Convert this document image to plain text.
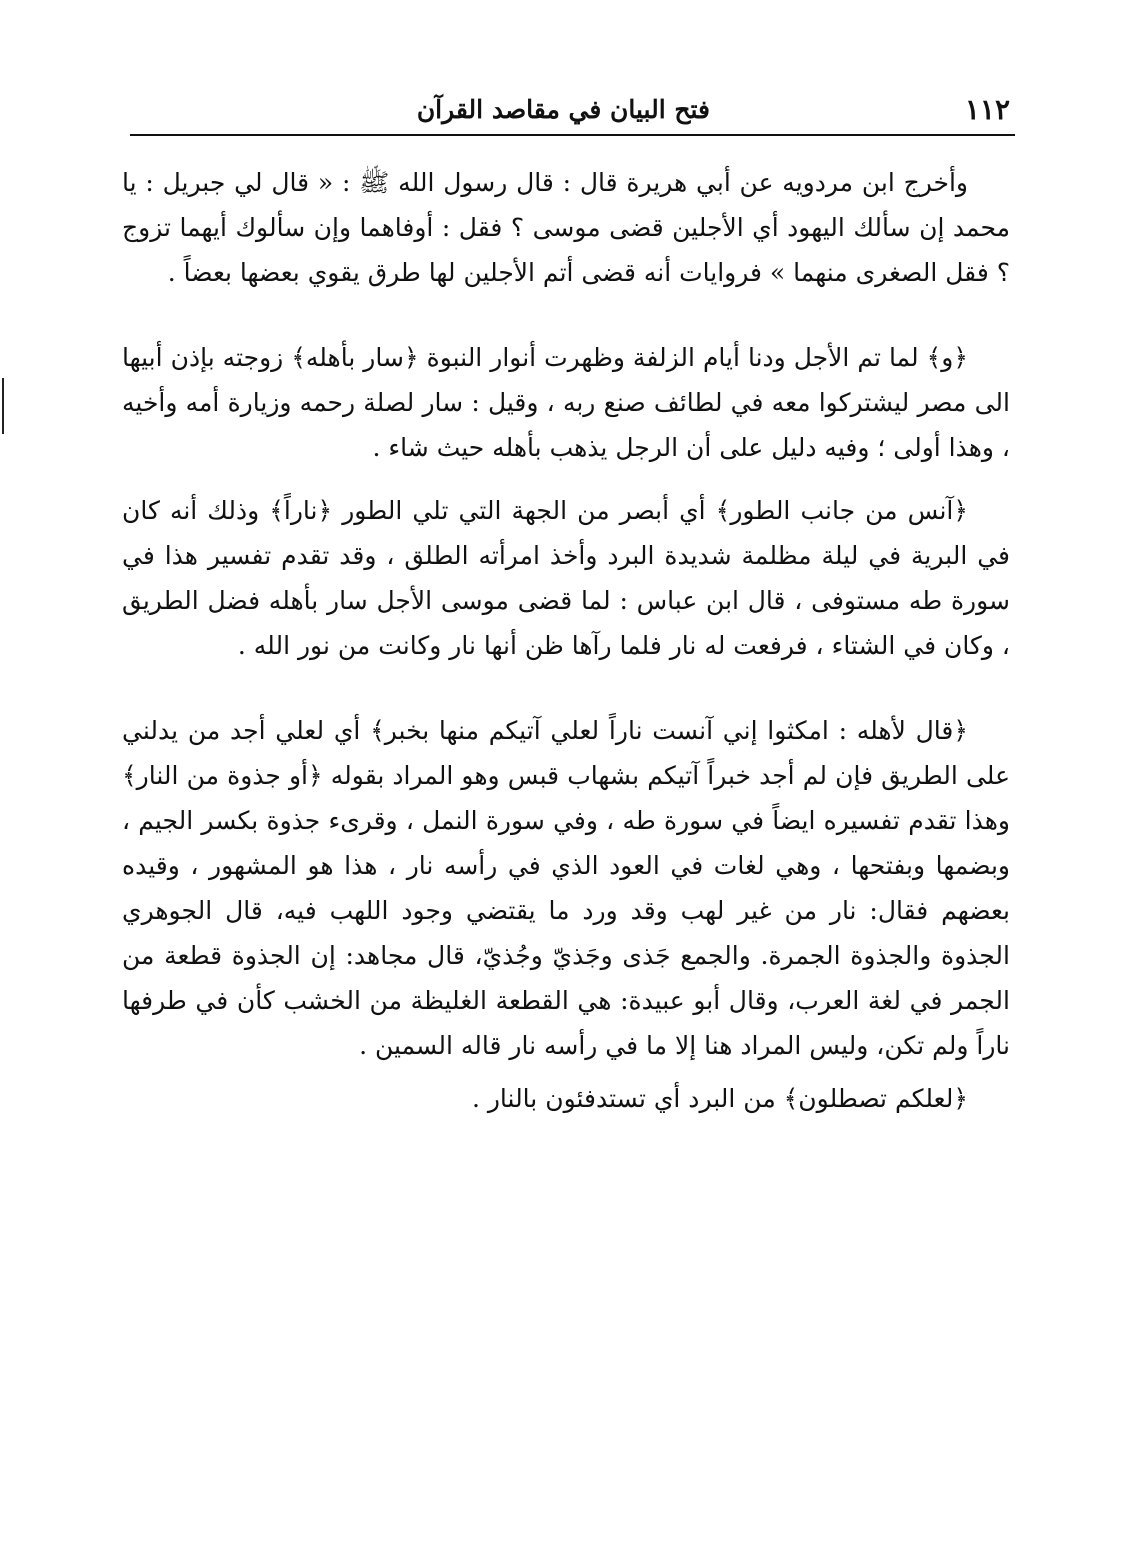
١١٢
فتح البيان في مقاصد القرآن

وأخرج ابن مردويه عن أبي هريرة قال : قال رسول الله ﷺ : « قال لي جبريل : يا محمد إن سألك اليهود أي الأجلين قضى موسى ؟ فقل : أوفاهما وإن سألوك أيهما تزوج ؟ فقل الصغرى منهما » فروايات أنه قضى أتم الأجلين لها طرق يقوي بعضها بعضاً .

﴿و﴾ لما تم الأجل ودنا أيام الزلفة وظهرت أنوار النبوة ﴿سار بأهله﴾ زوجته بإذن أبيها الى مصر ليشتركوا معه في لطائف صنع ربه ، وقيل : سار لصلة رحمه وزيارة أمه وأخيه ، وهذا أولى ؛ وفيه دليل على أن الرجل يذهب بأهله حيث شاء .

﴿آنس من جانب الطور﴾ أي أبصر من الجهة التي تلي الطور ﴿ناراً﴾ وذلك أنه كان في البرية في ليلة مظلمة شديدة البرد وأخذ امرأته الطلق ، وقد تقدم تفسير هذا في سورة طه مستوفى ، قال ابن عباس : لما قضى موسى الأجل سار بأهله فضل الطريق ، وكان في الشتاء ، فرفعت له نار فلما رآها ظن أنها نار وكانت من نور الله .

﴿قال لأهله : امكثوا إني آنست ناراً لعلي آتيكم منها بخبر﴾ أي لعلي أجد من يدلني على الطريق فإن لم أجد خبراً آتيكم بشهاب قبس وهو المراد بقوله ﴿أو جذوة من النار﴾ وهذا تقدم تفسيره ايضاً في سورة طه ، وفي سورة النمل ، وقرىء جذوة بكسر الجيم ، وبضمها وبفتحها ، وهي لغات في العود الذي في رأسه نار ، هذا هو المشهور ، وقيده بعضهم فقال: نار من غير لهب وقد ورد ما يقتضي وجود اللهب فيه، قال الجوهري الجذوة والجذوة الجمرة. والجمع جَذى وجَذيّ وجُذيّ، قال مجاهد: إن الجذوة قطعة من الجمر في لغة العرب، وقال أبو عبيدة: هي القطعة الغليظة من الخشب كأن في طرفها ناراً ولم تكن، وليس المراد هنا إلا ما في رأسه نار قاله السمين .

﴿لعلكم تصطلون﴾ من البرد أي تستدفئون بالنار .
